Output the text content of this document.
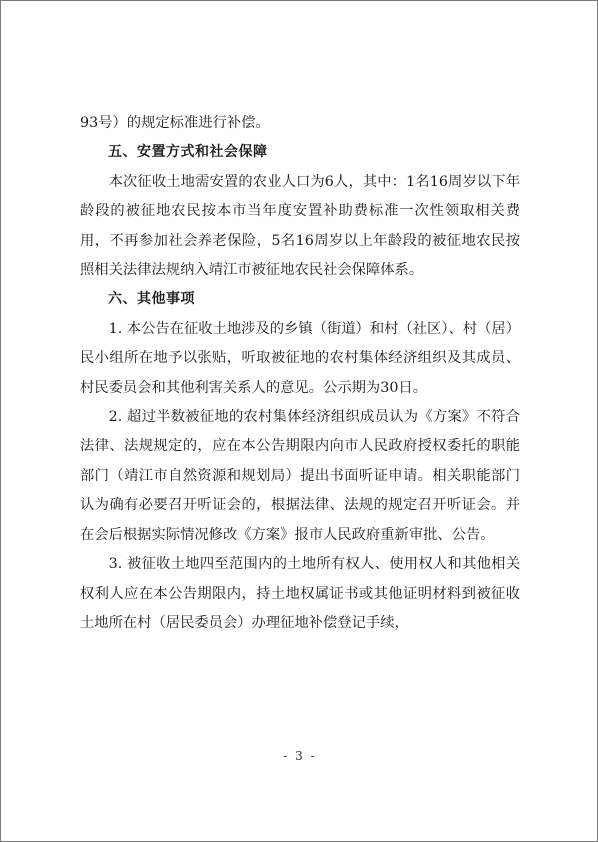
93号）的规定标准进行补偿。

五、安置方式和社会保障

本次征收土地需安置的农业人口为6人，其中：1名16周岁以下年龄段的被征地农民按本市当年度安置补助费标准一次性领取相关费用，不再参加社会养老保险，5名16周岁以上年龄段的被征地农民按照相关法律法规纳入靖江市被征地农民社会保障体系。

六、其他事项

1. 本公告在征收土地涉及的乡镇（街道）和村（社区）、村（居）民小组所在地予以张贴，听取被征地的农村集体经济组织及其成员、村民委员会和其他利害关系人的意见。公示期为30日。

2. 超过半数被征地的农村集体经济组织成员认为《方案》不符合法律、法规规定的，应在本公告期限内向市人民政府授权委托的职能部门（靖江市自然资源和规划局）提出书面听证申请。相关职能部门认为确有必要召开听证会的，根据法律、法规的规定召开听证会。并在会后根据实际情况修改《方案》报市人民政府重新审批、公告。

3. 被征收土地四至范围内的土地所有权人、使用权人和其他相关权利人应在本公告期限内，持土地权属证书或其他证明材料到被征收土地所在村（居民委员会）办理征地补偿登记手续，

- 3 -
